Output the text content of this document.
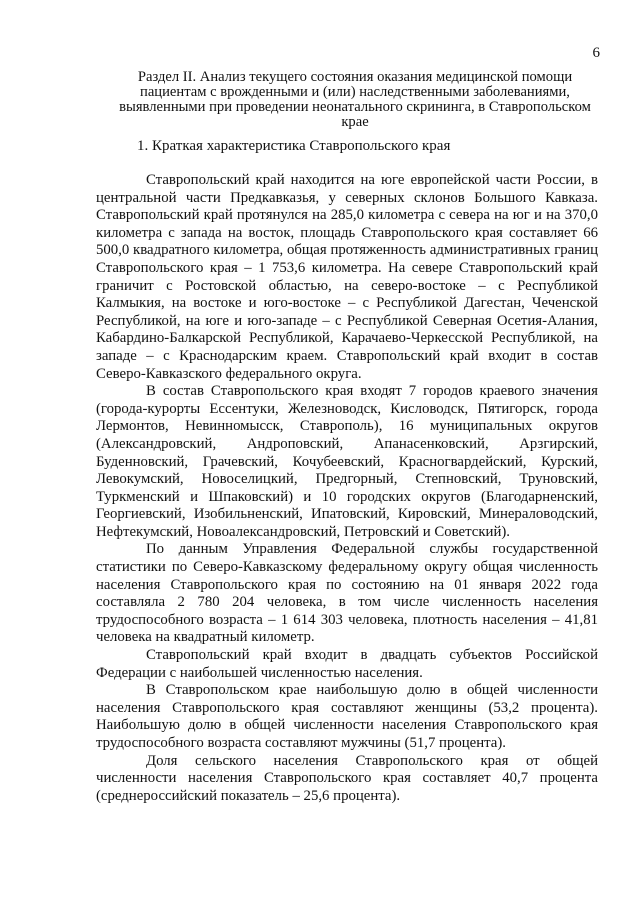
6
Раздел II. Анализ текущего состояния оказания медицинской помощи пациентам с врожденными и (или) наследственными заболеваниями, выявленными при проведении неонатального скрининга, в Ставропольском крае
1. Краткая характеристика Ставропольского края

Ставропольский край находится на юге европейской части России, в центральной части Предкавказья, у северных склонов Большого Кавказа. Ставропольский край протянулся на 285,0 километра с севера на юг и на 370,0 километра с запада на восток, площадь Ставропольского края составляет 66 500,0 квадратного километра, общая протяженность административных границ Ставропольского края – 1 753,6 километра. На севере Ставропольский край граничит с Ростовской областью, на северо-востоке – с Республикой Калмыкия, на востоке и юго-востоке – с Республикой Дагестан, Чеченской Республикой, на юге и юго-западе – с Республикой Северная Осетия-Алания, Кабардино-Балкарской Республикой, Карачаево-Черкесской Республикой, на западе – с Краснодарским краем. Ставропольский край входит в состав Северо-Кавказского федерального округа.

В состав Ставропольского края входят 7 городов краевого значения (города-курорты Ессентуки, Железноводск, Кисловодск, Пятигорск, города Лермонтов, Невинномысск, Ставрополь), 16 муниципальных округов (Александровский, Андроповский, Апанасенковский, Арзгирский, Буденновский, Грачевский, Кочубеевский, Красногвардейский, Курский, Левокумский, Новоселицкий, Предгорный, Степновский, Труновский, Туркменский и Шпаковский) и 10 городских округов (Благодарненский, Георгиевский, Изобильненский, Ипатовский, Кировский, Минераловодский, Нефтекумский, Новоалександровский, Петровский и Советский).

По данным Управления Федеральной службы государственной статистики по Северо-Кавказскому федеральному округу общая численность населения Ставропольского края по состоянию на 01 января 2022 года составляла 2 780 204 человека, в том числе численность населения трудоспособного возраста – 1 614 303 человека, плотность населения – 41,81 человека на квадратный километр.

Ставропольский край входит в двадцать субъектов Российской Федерации с наибольшей численностью населения.

В Ставропольском крае наибольшую долю в общей численности населения Ставропольского края составляют женщины (53,2 процента). Наибольшую долю в общей численности населения Ставропольского края трудоспособного возраста составляют мужчины (51,7 процента).

Доля сельского населения Ставропольского края от общей численности населения Ставропольского края составляет 40,7 процента (среднероссийский показатель – 25,6 процента).
